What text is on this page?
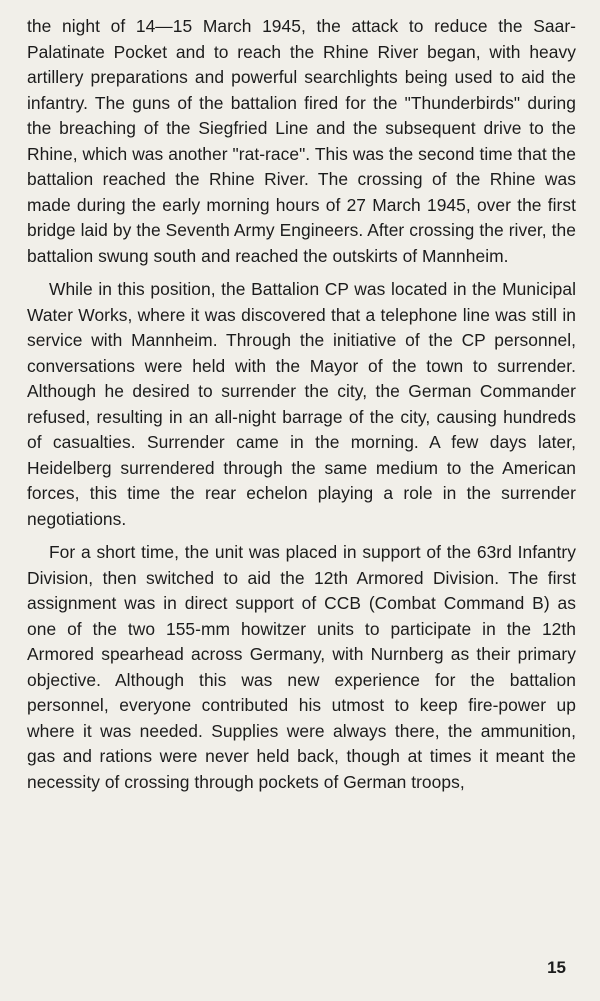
the night of 14—15 March 1945, the attack to reduce the Saar-Palatinate Pocket and to reach the Rhine River began, with heavy artillery preparations and powerful searchlights being used to aid the infantry. The guns of the battalion fired for the "Thunderbirds" during the breaching of the Siegfried Line and the subsequent drive to the Rhine, which was another "rat-race". This was the second time that the battalion reached the Rhine River. The crossing of the Rhine was made during the early morning hours of 27 March 1945, over the first bridge laid by the Seventh Army Engineers. After crossing the river, the battalion swung south and reached the outskirts of Mannheim.

While in this position, the Battalion CP was located in the Municipal Water Works, where it was discovered that a telephone line was still in service with Mannheim. Through the initiative of the CP personnel, conversations were held with the Mayor of the town to surrender. Although he desired to surrender the city, the German Commander refused, resulting in an all-night barrage of the city, causing hundreds of casualties. Surrender came in the morning. A few days later, Heidelberg surrendered through the same medium to the American forces, this time the rear echelon playing a role in the surrender negotiations.

For a short time, the unit was placed in support of the 63rd Infantry Division, then switched to aid the 12th Armored Division. The first assignment was in direct support of CCB (Combat Command B) as one of the two 155-mm howitzer units to participate in the 12th Armored spearhead across Germany, with Nurnberg as their primary objective. Although this was new experience for the battalion personnel, everyone contributed his utmost to keep fire-power up where it was needed. Supplies were always there, the ammunition, gas and rations were never held back, though at times it meant the necessity of crossing through pockets of German troops,

15
